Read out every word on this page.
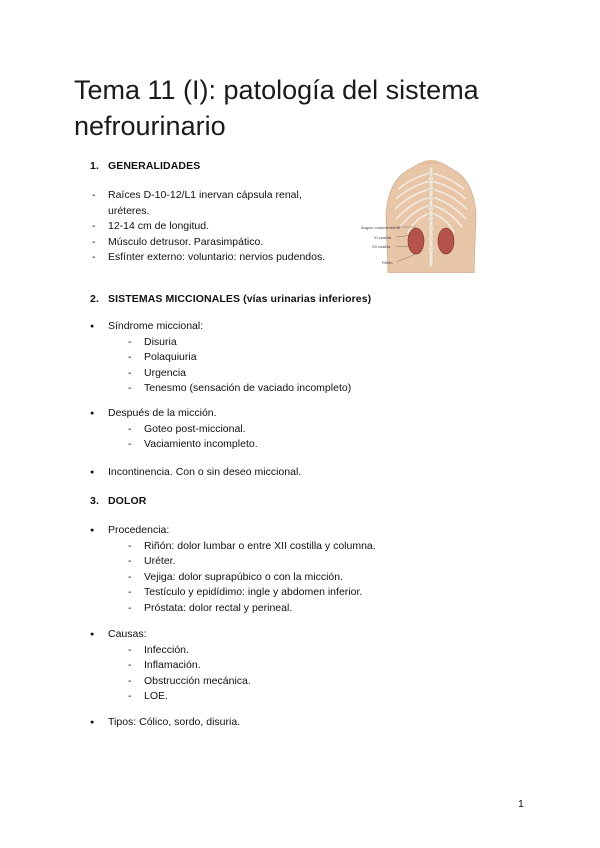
Tema 11 (I): patología del sistema nefrourinario
1. GENERALIDADES
- Raíces D-10-12/L1 inervan cápsula renal, uréteres.
- 12-14 cm de longitud.
- Músculo detrusor. Parasimpático.
- Esfínter externo: voluntario: nervios pudendos.
Ángulo costovertebral
XI costilla
XII costilla
Riñón
2. SISTEMAS MICCIONALES (vías urinarias inferiores)
● Síndrome miccional:
- Disuria
- Polaquiuria
- Urgencia
- Tenesmo (sensación de vaciado incompleto)
● Después de la micción.
- Goteo post-miccional.
- Vaciamiento incompleto.
● Incontinencia. Con o sin deseo miccional.
3. DOLOR
● Procedencia:
- Riñón: dolor lumbar o entre XII costilla y columna.
- Uréter.
- Vejiga: dolor suprapúbico o con la micción.
- Testículo y epidídimo: ingle y abdomen inferior.
- Próstata: dolor rectal y perineal.
● Causas:
- Infección.
- Inflamación.
- Obstrucción mecánica.
- LOE.
● Tipos: Cólico, sordo, disuria.
1
